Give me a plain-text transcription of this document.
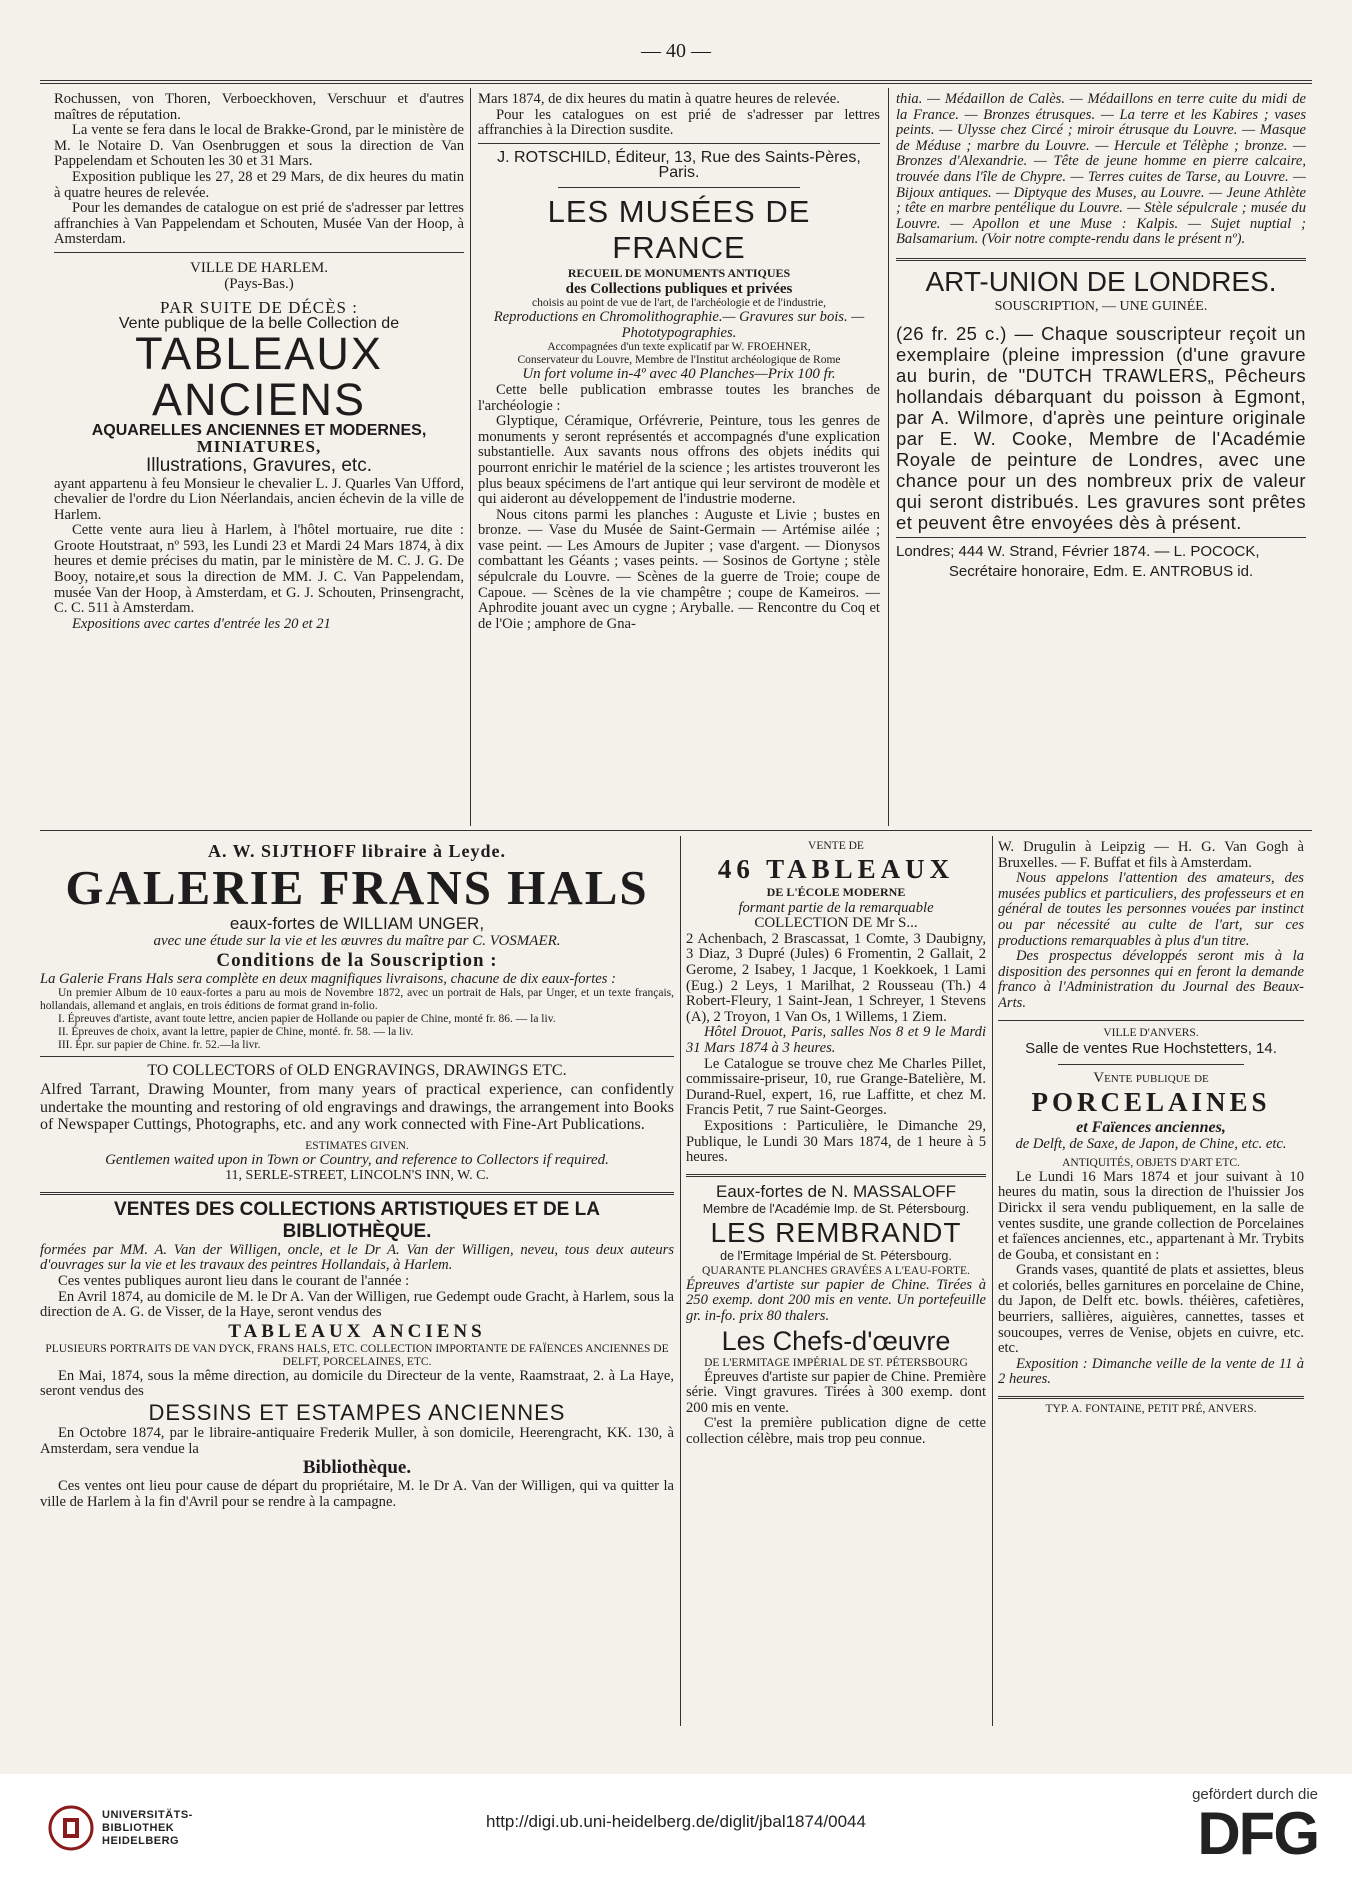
— 40 —

Rochussen, von Thoren, Verboeckhoven, Verschuur et d'autres maîtres de réputation.

La vente se fera dans le local de Brakke-Grond, par le ministère de M. le Notaire D. Van Osenbruggen et sous la direction de Van Pappelendam et Schouten les 30 et 31 Mars.

Exposition publique les 27, 28 et 29 Mars, de dix heures du matin à quatre heures de relevée.

Pour les demandes de catalogue on est prié de s'adresser par lettres affranchies à Van Pappelendam et Schouten, Musée Van der Hoop, à Amsterdam.

VILLE DE HARLEM.

(Pays-Bas.)

PAR SUITE DE DÉCÈS :

Vente publique de la belle Collection de

TABLEAUX ANCIENS

AQUARELLES ANCIENNES ET MODERNES,

MINIATURES,

Illustrations, Gravures, etc.

ayant appartenu à feu Monsieur le chevalier L. J. Quarles Van Ufford, chevalier de l'ordre du Lion Néerlandais, ancien échevin de la ville de Harlem.

Cette vente aura lieu à Harlem, à l'hôtel mortuaire, rue dite : Groote Houtstraat, nº 593, les Lundi 23 et Mardi 24 Mars 1874, à dix heures et demie précises du matin, par le ministère de M. C. J. G. De Booy, notaire,et sous la direction de MM. J. C. Van Pappelendam, musée Van der Hoop, à Amsterdam, et G. J. Schouten, Prinsengracht, C. C. 511 à Amsterdam.

Expositions avec cartes d'entrée les 20 et 21

Mars 1874, de dix heures du matin à quatre heures de relevée.

Pour les catalogues on est prié de s'adresser par lettres affranchies à la Direction susdite.

J. ROTSCHILD, Éditeur, 13, Rue des Saints-Pères, Paris.

LES MUSÉES DE FRANCE

RECUEIL DE MONUMENTS ANTIQUES

des Collections publiques et privées

choisis au point de vue de l'art, de l'archéologie et de l'industrie,

Reproductions en Chromolithographie.— Gravures sur bois. — Phototypographies.

Accompagnées d'un texte explicatif par W. FROEHNER,

Conservateur du Louvre, Membre de l'Institut archéologique de Rome

Un fort volume in-4º avec 40 Planches—Prix 100 fr.

Cette belle publication embrasse toutes les branches de l'archéologie :

Glyptique, Céramique, Orfévrerie, Peinture, tous les genres de monuments y seront représentés et accompagnés d'une explication substantielle. Aux savants nous offrons des objets inédits qui pourront enrichir le matériel de la science ; les artistes trouveront les plus beaux spécimens de l'art antique qui leur serviront de modèle et qui aideront au développement de l'industrie moderne.

Nous citons parmi les planches : Auguste et Livie ; bustes en bronze. — Vase du Musée de Saint-Germain — Artémise ailée ; vase peint. — Les Amours de Jupiter ; vase d'argent. — Dionysos combattant les Géants ; vases peints. — Sosinos de Gortyne ; stèle sépulcrale du Louvre. — Scènes de la guerre de Troie; coupe de Capoue. — Scènes de la vie champêtre ; coupe de Kameiros. — Aphrodite jouant avec un cygne ; Aryballe. — Rencontre du Coq et de l'Oie ; amphore de Gna-

thia. — Médaillon de Calès. — Médaillons en terre cuite du midi de la France. — Bronzes étrusques. — La terre et les Kabires ; vases peints. — Ulysse chez Circé ; miroir étrusque du Louvre. — Masque de Méduse ; marbre du Louvre. — Hercule et Télèphe ; bronze. — Bronzes d'Alexandrie. — Tête de jeune homme en pierre calcaire, trouvée dans l'île de Chypre. — Terres cuites de Tarse, au Louvre. — Bijoux antiques. — Diptyque des Muses, au Louvre. — Jeune Athlète ; tête en marbre pentélique du Louvre. — Stèle sépulcrale ; musée du Louvre. — Apollon et une Muse : Kalpis. — Sujet nuptial ; Balsamarium. (Voir notre compte-rendu dans le présent nº).

ART-UNION DE LONDRES.

SOUSCRIPTION, — UNE GUINÉE.

(26 fr. 25 c.) — Chaque souscripteur reçoit un exemplaire (pleine impression (d'une gravure au burin, de "DUTCH TRAWLERS„ Pêcheurs hollandais débarquant du poisson à Egmont, par A. Wilmore, d'après une peinture originale par E. W. Cooke, Membre de l'Académie Royale de peinture de Londres, avec une chance pour un des nombreux prix de valeur qui seront distribués. Les gravures sont prêtes et peuvent être envoyées dès à présent.

Londres; 444 W. Strand, Février 1874. — L. POCOCK,

Secrétaire honoraire, Edm. E. ANTROBUS id.

A. W. SIJTHOFF libraire à Leyde.

GALERIE FRANS HALS

eaux-fortes de WILLIAM UNGER,

avec une étude sur la vie et les œuvres du maître par C. VOSMAER.

Conditions de la Souscription :

La Galerie Frans Hals sera complète en deux magnifiques livraisons, chacune de dix eaux-fortes :

Un premier Album de 10 eaux-fortes a paru au mois de Novembre 1872, avec un portrait de Hals, par Unger, et un texte français, hollandais, allemand et anglais, en trois éditions de format grand in-folio.

I. Épreuves d'artiste, avant toute lettre, ancien papier de Hollande ou papier de Chine, monté fr. 86. — la liv.

II. Épreuves de choix, avant la lettre, papier de Chine, monté. fr. 58. — la liv.

III. Épr. sur papier de Chine. fr. 52.—la livr.

TO COLLECTORS of OLD ENGRAVINGS, DRAWINGS ETC.

Alfred Tarrant, Drawing Mounter, from many years of practical experience, can confidently undertake the mounting and restoring of old engravings and drawings, the arrangement into Books of Newspaper Cuttings, Photographs, etc. and any work connected with Fine-Art Publications.

ESTIMATES GIVEN.

Gentlemen waited upon in Town or Country, and reference to Collectors if required.

11, SERLE-STREET, LINCOLN'S INN, W. C.

VENTES DES COLLECTIONS ARTISTIQUES ET DE LA BIBLIOTHÈQUE.

formées par MM. A. Van der Willigen, oncle, et le Dr A. Van der Willigen, neveu, tous deux auteurs d'ouvrages sur la vie et les travaux des peintres Hollandais, à Harlem.

Ces ventes publiques auront lieu dans le courant de l'année :

En Avril 1874, au domicile de M. le Dr A. Van der Willigen, rue Gedempt oude Gracht, à Harlem, sous la direction de A. G. de Visser, de la Haye, seront vendus des

TABLEAUX ANCIENS

PLUSIEURS PORTRAITS DE VAN DYCK, FRANS HALS, ETC. COLLECTION IMPORTANTE DE FAÏENCES ANCIENNES DE DELFT, PORCELAINES, ETC.

En Mai, 1874, sous la même direction, au domicile du Directeur de la vente, Raamstraat, 2. à La Haye, seront vendus des

DESSINS ET ESTAMPES ANCIENNES

En Octobre 1874, par le libraire-antiquaire Frederik Muller, à son domicile, Heerengracht, KK. 130, à Amsterdam, sera vendue la

Bibliothèque.

Ces ventes ont lieu pour cause de départ du propriétaire, M. le Dr A. Van der Willigen, qui va quitter la ville de Harlem à la fin d'Avril pour se rendre à la campagne.

VENTE DE

46 TABLEAUX

DE L'ÉCOLE MODERNE

formant partie de la remarquable

COLLECTION DE Mr S...

2 Achenbach, 2 Brascassat, 1 Comte, 3 Daubigny, 3 Diaz, 3 Dupré (Jules) 6 Fromentin, 2 Gallait, 2 Gerome, 2 Isabey, 1 Jacque, 1 Koekkoek, 1 Lami (Eug.) 2 Leys, 1 Marilhat, 2 Rousseau (Th.) 4 Robert-Fleury, 1 Saint-Jean, 1 Schreyer, 1 Stevens (A), 2 Troyon, 1 Van Os, 1 Willems, 1 Ziem.

Hôtel Drouot, Paris, salles Nos 8 et 9 le Mardi 31 Mars 1874 à 3 heures.

Le Catalogue se trouve chez Me Charles Pillet, commissaire-priseur, 10, rue Grange-Batelière, M. Durand-Ruel, expert, 16, rue Laffitte, et chez M. Francis Petit, 7 rue Saint-Georges.

Expositions : Particulière, le Dimanche 29, Publique, le Lundi 30 Mars 1874, de 1 heure à 5 heures.

Eaux-fortes de N. MASSALOFF

Membre de l'Académie Imp. de St. Pétersbourg.

LES REMBRANDT

de l'Ermitage Impérial de St. Pétersbourg.

QUARANTE PLANCHES GRAVÉES A L'EAU-FORTE.

Épreuves d'artiste sur papier de Chine. Tirées à 250 exemp. dont 200 mis en vente. Un portefeuille gr. in-fo. prix 80 thalers.

Les Chefs-d'œuvre

DE L'ERMITAGE IMPÉRIAL DE ST. PÉTERSBOURG

Épreuves d'artiste sur papier de Chine. Première série. Vingt gravures. Tirées à 300 exemp. dont 200 mis en vente.

C'est la première publication digne de cette collection célèbre, mais trop peu connue.

W. Drugulin à Leipzig — H. G. Van Gogh à Bruxelles. — F. Buffat et fils à Amsterdam.

Nous appelons l'attention des amateurs, des musées publics et particuliers, des professeurs et en général de toutes les personnes vouées par instinct ou par nécessité au culte de l'art, sur ces productions remarquables à plus d'un titre.

Des prospectus développés seront mis à la disposition des personnes qui en feront la demande franco à l'Administration du Journal des Beaux-Arts.

VILLE D'ANVERS.

Salle de ventes Rue Hochstetters, 14.

Vente publique de

PORCELAINES

et Faïences anciennes,

de Delft, de Saxe, de Japon, de Chine, etc. etc.

ANTIQUITÉS, OBJETS D'ART ETC.

Le Lundi 16 Mars 1874 et jour suivant à 10 heures du matin, sous la direction de l'huissier Jos Dirickx il sera vendu publiquement, en la salle de ventes susdite, une grande collection de Porcelaines et faïences anciennes, etc., appartenant à Mr. Trybits de Gouba, et consistant en :

Grands vases, quantité de plats et assiettes, bleus et coloriés, belles garnitures en porcelaine de Chine, du Japon, de Delft etc. bowls. théières, cafetières, beurriers, sallières, aiguières, cannettes, tasses et soucoupes, verres de Venise, objets en cuivre, etc. etc.

Exposition : Dimanche veille de la vente de 11 à 2 heures.

TYP. A. FONTAINE, PETIT PRÉ, ANVERS.

UNIVERSITÄTS-
BIBLIOTHEK
HEIDELBERG
http://digi.ub.uni-heidelberg.de/diglit/jbal1874/0044
gefördert durch die
DFG
